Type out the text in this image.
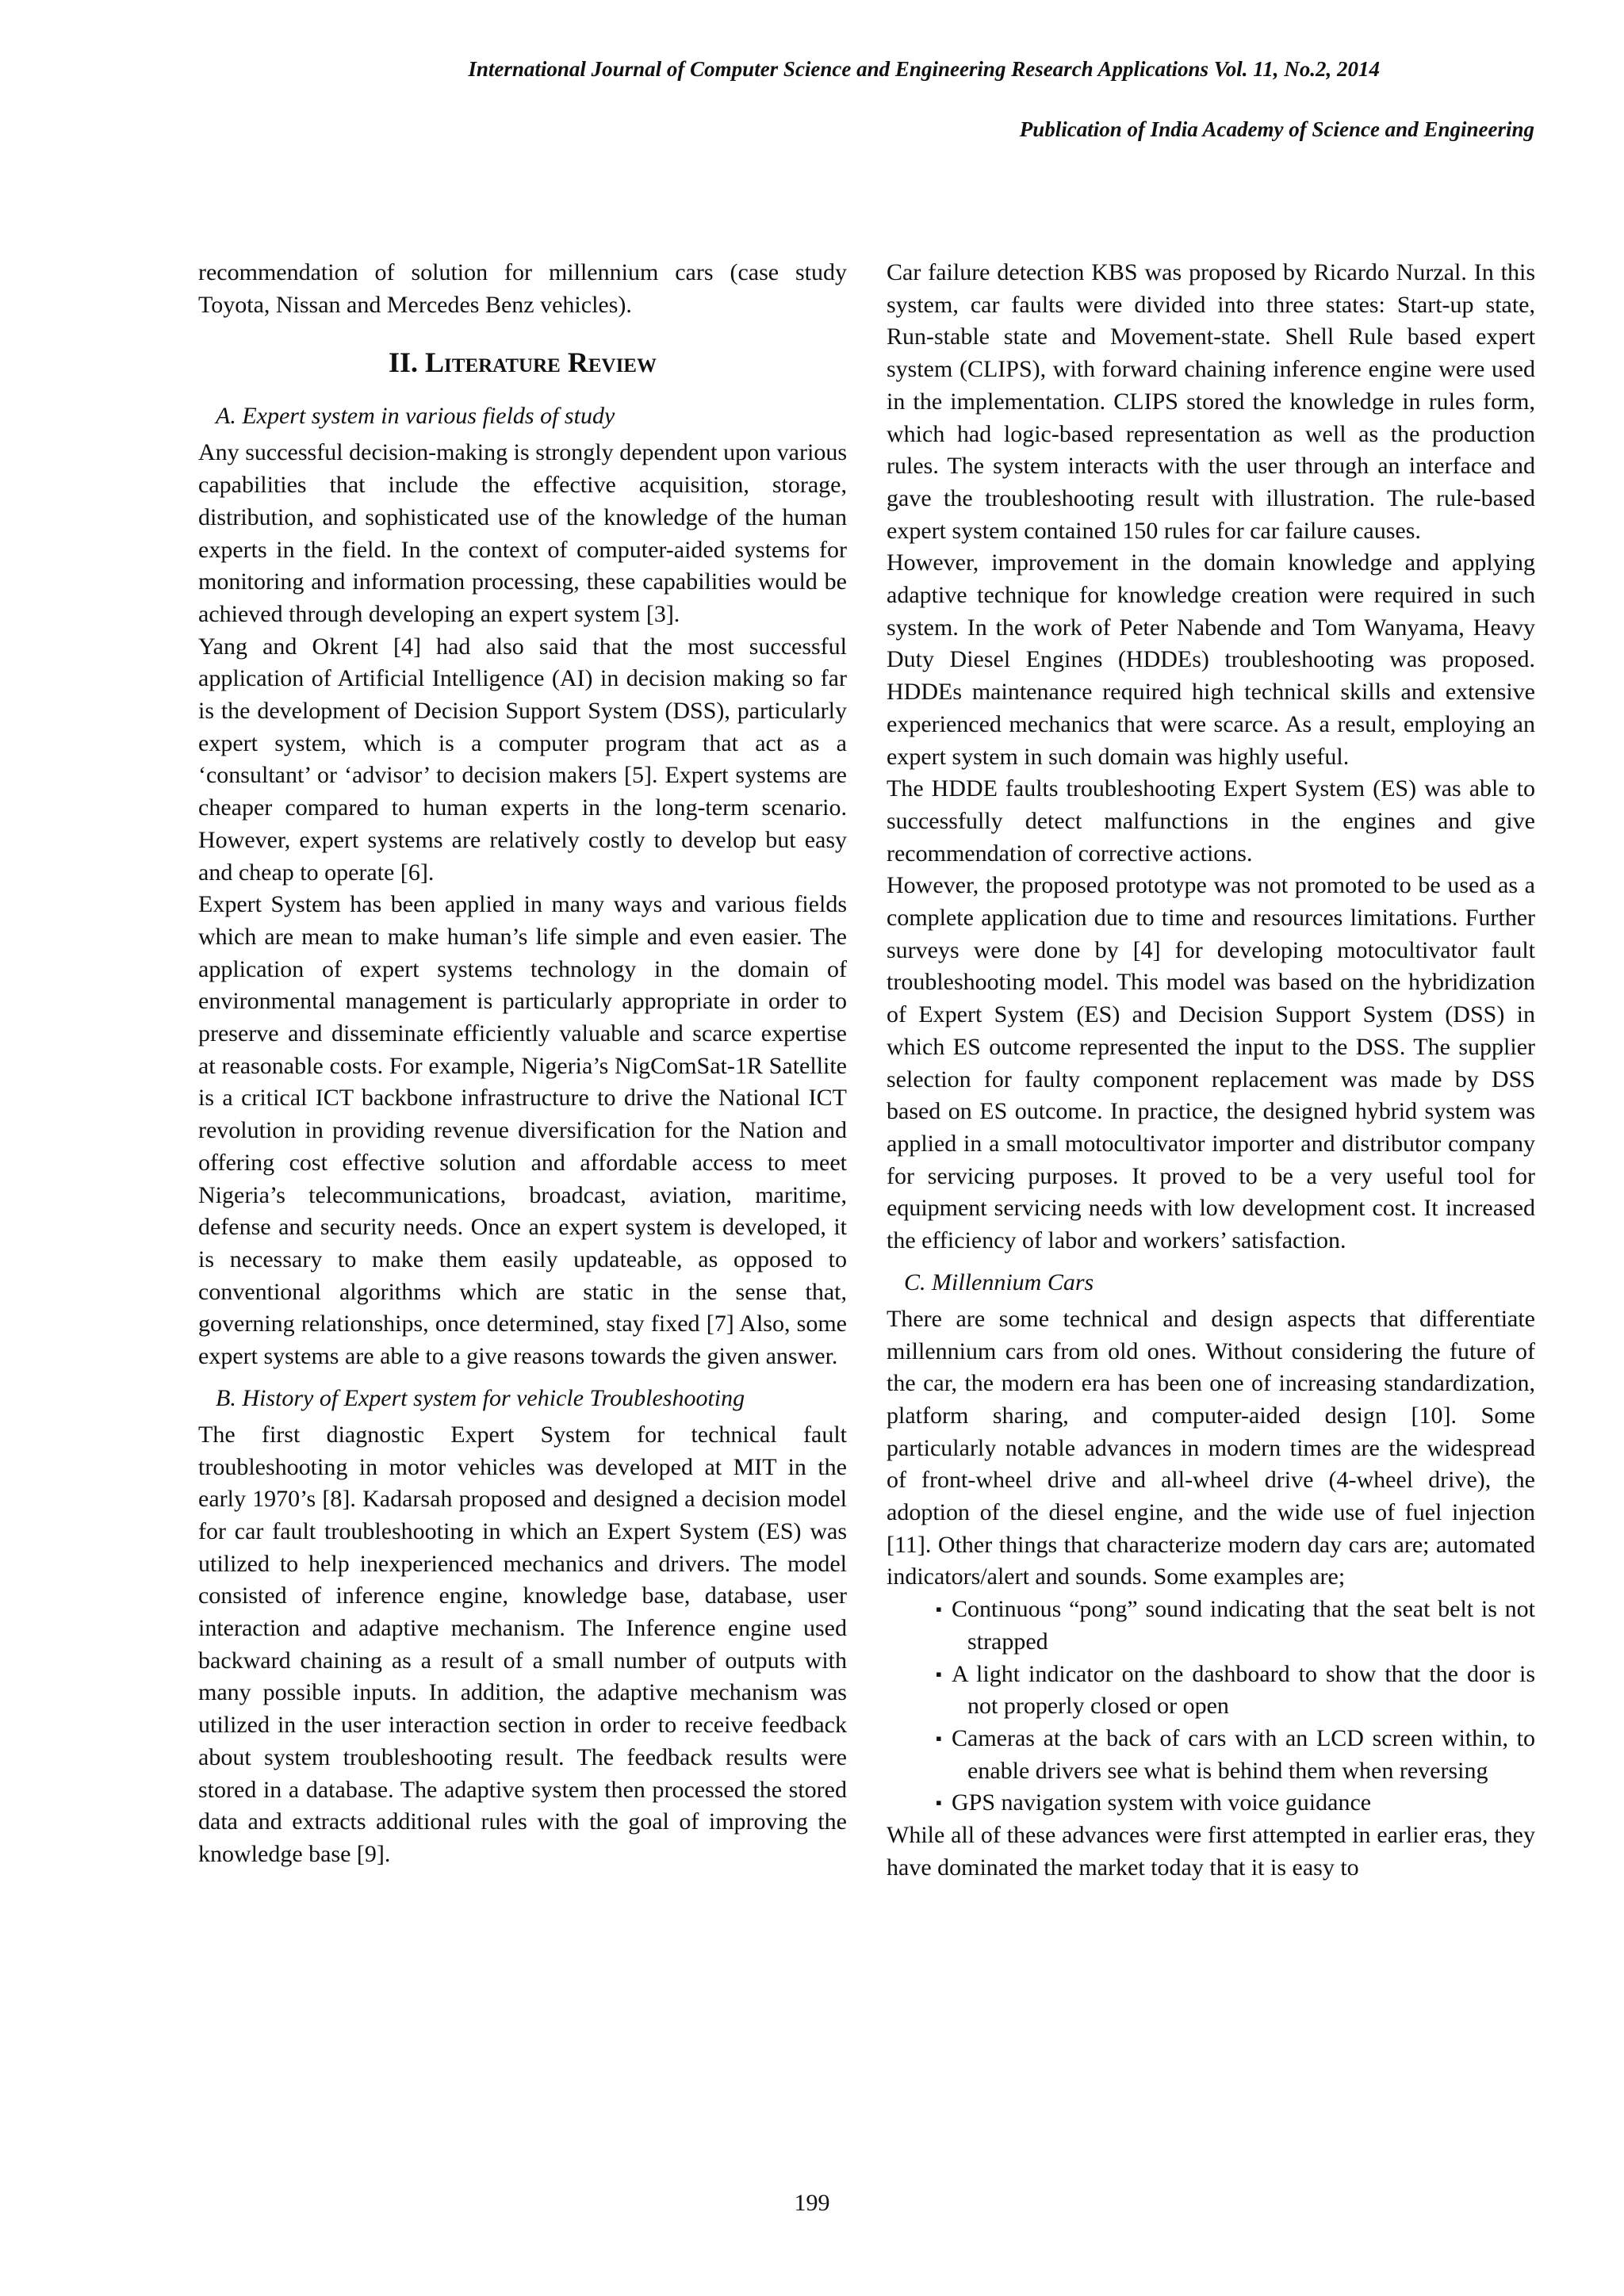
International Journal of Computer Science and Engineering Research Applications Vol. 11, No.2, 2014
Publication of India Academy of Science and Engineering

recommendation of solution for millennium cars (case study Toyota, Nissan and Mercedes Benz vehicles).

II. Literature Review
A. Expert system in various fields of study

Any successful decision-making is strongly dependent upon various capabilities that include the effective acquisition, storage, distribution, and sophisticated use of the knowledge of the human experts in the field. In the context of computer-aided systems for monitoring and information processing, these capabilities would be achieved through developing an expert system [3].

Yang and Okrent [4] had also said that the most successful application of Artificial Intelligence (AI) in decision making so far is the development of Decision Support System (DSS), particularly expert system, which is a computer program that act as a ‘consultant’ or ‘advisor’ to decision makers [5]. Expert systems are cheaper compared to human experts in the long-term scenario. However, expert systems are relatively costly to develop but easy and cheap to operate [6].

Expert System has been applied in many ways and various fields which are mean to make human’s life simple and even easier. The application of expert systems technology in the domain of environmental management is particularly appropriate in order to preserve and disseminate efficiently valuable and scarce expertise at reasonable costs. For example, Nigeria’s NigComSat-1R Satellite is a critical ICT backbone infrastructure to drive the National ICT revolution in providing revenue diversification for the Nation and offering cost effective solution and affordable access to meet Nigeria’s telecommunications, broadcast, aviation, maritime, defense and security needs. Once an expert system is developed, it is necessary to make them easily updateable, as opposed to conventional algorithms which are static in the sense that, governing relationships, once determined, stay fixed [7] Also, some expert systems are able to a give reasons towards the given answer.

B. History of Expert system for vehicle Troubleshooting

The first diagnostic Expert System for technical fault troubleshooting in motor vehicles was developed at MIT in the early 1970’s [8]. Kadarsah proposed and designed a decision model for car fault troubleshooting in which an Expert System (ES) was utilized to help inexperienced mechanics and drivers. The model consisted of inference engine, knowledge base, database, user interaction and adaptive mechanism. The Inference engine used backward chaining as a result of a small number of outputs with many possible inputs. In addition, the adaptive mechanism was utilized in the user interaction section in order to receive feedback about system troubleshooting result. The feedback results were stored in a database. The adaptive system then processed the stored data and extracts additional rules with the goal of improving the knowledge base [9].

Car failure detection KBS was proposed by Ricardo Nurzal. In this system, car faults were divided into three states: Start-up state, Run-stable state and Movement-state. Shell Rule based expert system (CLIPS), with forward chaining inference engine were used in the implementation. CLIPS stored the knowledge in rules form, which had logic-based representation as well as the production rules. The system interacts with the user through an interface and gave the troubleshooting result with illustration. The rule-based expert system contained 150 rules for car failure causes.

However, improvement in the domain knowledge and applying adaptive technique for knowledge creation were required in such system. In the work of Peter Nabende and Tom Wanyama, Heavy Duty Diesel Engines (HDDEs) troubleshooting was proposed. HDDEs maintenance required high technical skills and extensive experienced mechanics that were scarce. As a result, employing an expert system in such domain was highly useful.

The HDDE faults troubleshooting Expert System (ES) was able to successfully detect malfunctions in the engines and give recommendation of corrective actions.

However, the proposed prototype was not promoted to be used as a complete application due to time and resources limitations. Further surveys were done by [4] for developing motocultivator fault troubleshooting model. This model was based on the hybridization of Expert System (ES) and Decision Support System (DSS) in which ES outcome represented the input to the DSS. The supplier selection for faulty component replacement was made by DSS based on ES outcome. In practice, the designed hybrid system was applied in a small motocultivator importer and distributor company for servicing purposes. It proved to be a very useful tool for equipment servicing needs with low development cost. It increased the efficiency of labor and workers’ satisfaction.

C. Millennium Cars

There are some technical and design aspects that differentiate millennium cars from old ones. Without considering the future of the car, the modern era has been one of increasing standardization, platform sharing, and computer-aided design [10]. Some particularly notable advances in modern times are the widespread of front-wheel drive and all-wheel drive (4-wheel drive), the adoption of the diesel engine, and the wide use of fuel injection [11]. Other things that characterize modern day cars are; automated indicators/alert and sounds. Some examples are;

▪ Continuous “pong” sound indicating that the seat belt is not strapped
▪ A light indicator on the dashboard to show that the door is not properly closed or open
▪ Cameras at the back of cars with an LCD screen within, to enable drivers see what is behind them when reversing
▪ GPS navigation system with voice guidance

While all of these advances were first attempted in earlier eras, they have dominated the market today that it is easy to

199
